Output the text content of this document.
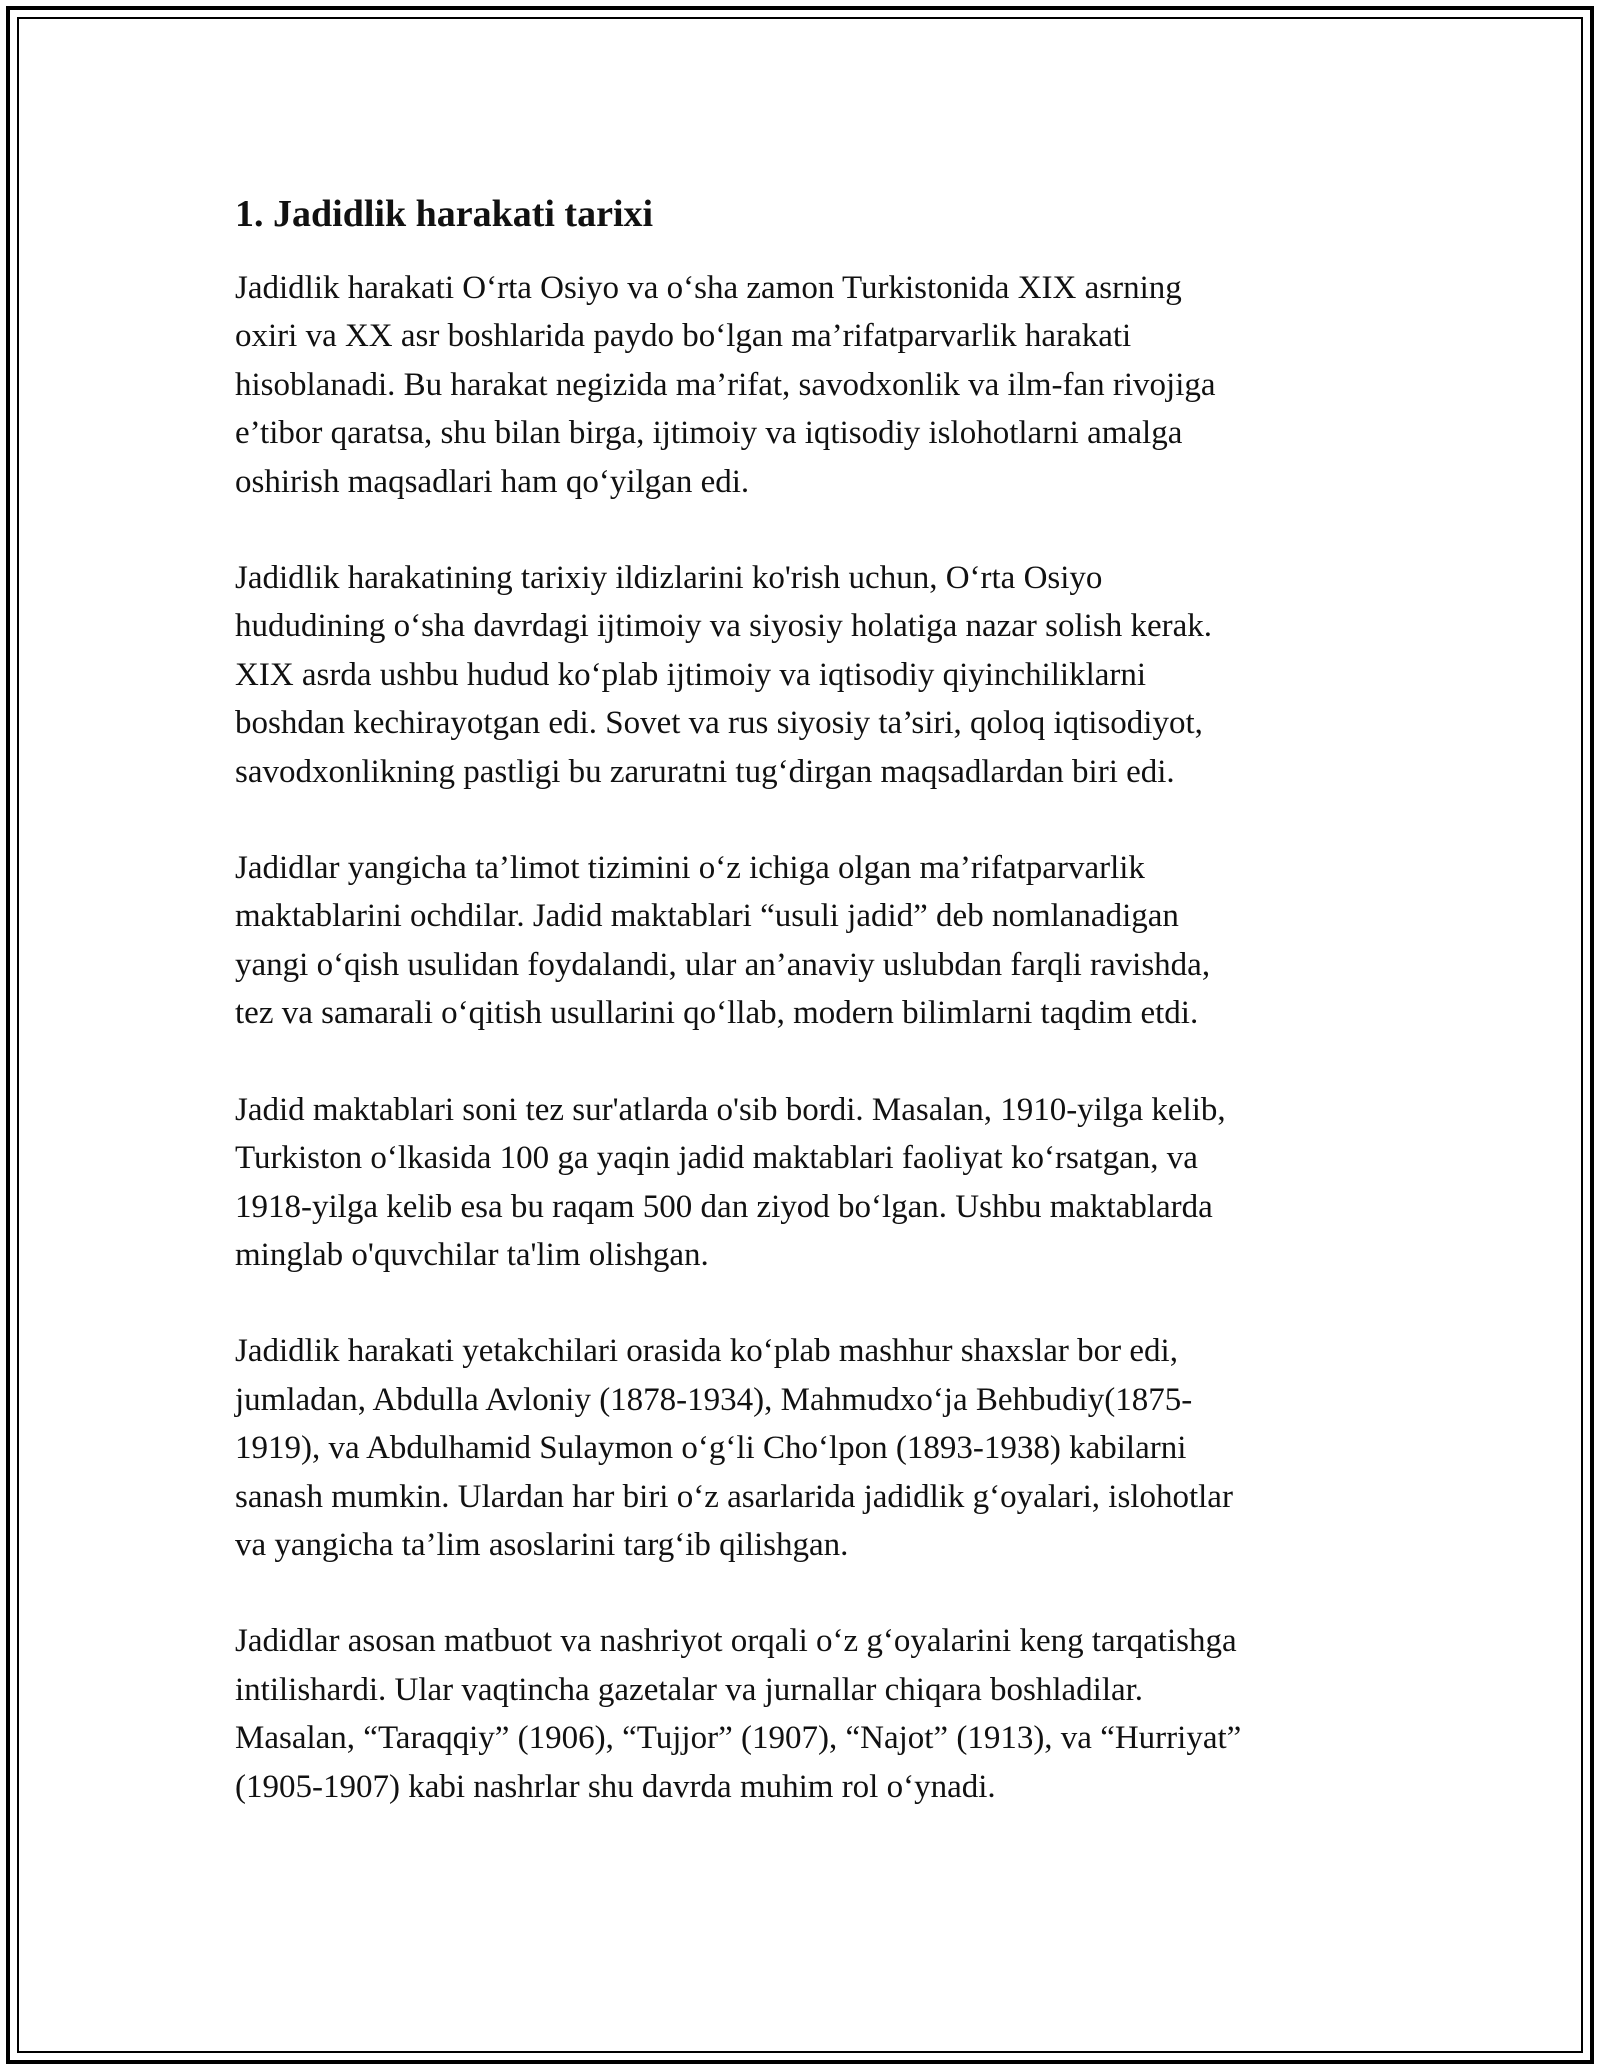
1. Jadidlik harakati tarixi
Jadidlik harakati O‘rta Osiyo va o‘sha zamon Turkistonida XIX asrning
oxiri va XX asr boshlarida paydo bo‘lgan ma’rifatparvarlik harakati
hisoblanadi. Bu harakat negizida ma’rifat, savodxonlik va ilm-fan rivojiga
e’tibor qaratsa, shu bilan birga, ijtimoiy va iqtisodiy islohotlarni amalga
oshirish maqsadlari ham qo‘yilgan edi.
Jadidlik harakatining tarixiy ildizlarini ko'rish uchun, O‘rta Osiyo
hududining o‘sha davrdagi ijtimoiy va siyosiy holatiga nazar solish kerak.
XIX asrda ushbu hudud ko‘plab ijtimoiy va iqtisodiy qiyinchiliklarni
boshdan kechirayotgan edi. Sovet va rus siyosiy ta’siri, qoloq iqtisodiyot,
savodxonlikning pastligi bu zaruratni tug‘dirgan maqsadlardan biri edi.
Jadidlar yangicha ta’limot tizimini o‘z ichiga olgan ma’rifatparvarlik
maktablarini ochdilar. Jadid maktablari “usuli jadid” deb nomlanadigan
yangi o‘qish usulidan foydalandi, ular an’anaviy uslubdan farqli ravishda,
tez va samarali o‘qitish usullarini qo‘llab, modern bilimlarni taqdim etdi.
Jadid maktablari soni tez sur'atlarda o'sib bordi. Masalan, 1910-yilga kelib,
Turkiston o‘lkasida 100 ga yaqin jadid maktablari faoliyat ko‘rsatgan, va
1918-yilga kelib esa bu raqam 500 dan ziyod bo‘lgan. Ushbu maktablarda
minglab o'quvchilar ta'lim olishgan.
Jadidlik harakati yetakchilari orasida ko‘plab mashhur shaxslar bor edi,
jumladan, Abdulla Avloniy (1878-1934), Mahmudxo‘ja Behbudiy(1875-
1919), va Abdulhamid Sulaymon o‘g‘li Cho‘lpon (1893-1938) kabilarni
sanash mumkin. Ulardan har biri o‘z asarlarida jadidlik g‘oyalari, islohotlar
va yangicha ta’lim asoslarini targ‘ib qilishgan.
Jadidlar asosan matbuot va nashriyot orqali o‘z g‘oyalarini keng tarqatishga
intilishardi. Ular vaqtincha gazetalar va jurnallar chiqara boshladilar.
Masalan, “Taraqqiy” (1906), “Tujjor” (1907), “Najot” (1913), va “Hurriyat”
(1905-1907) kabi nashrlar shu davrda muhim rol o‘ynadi.
